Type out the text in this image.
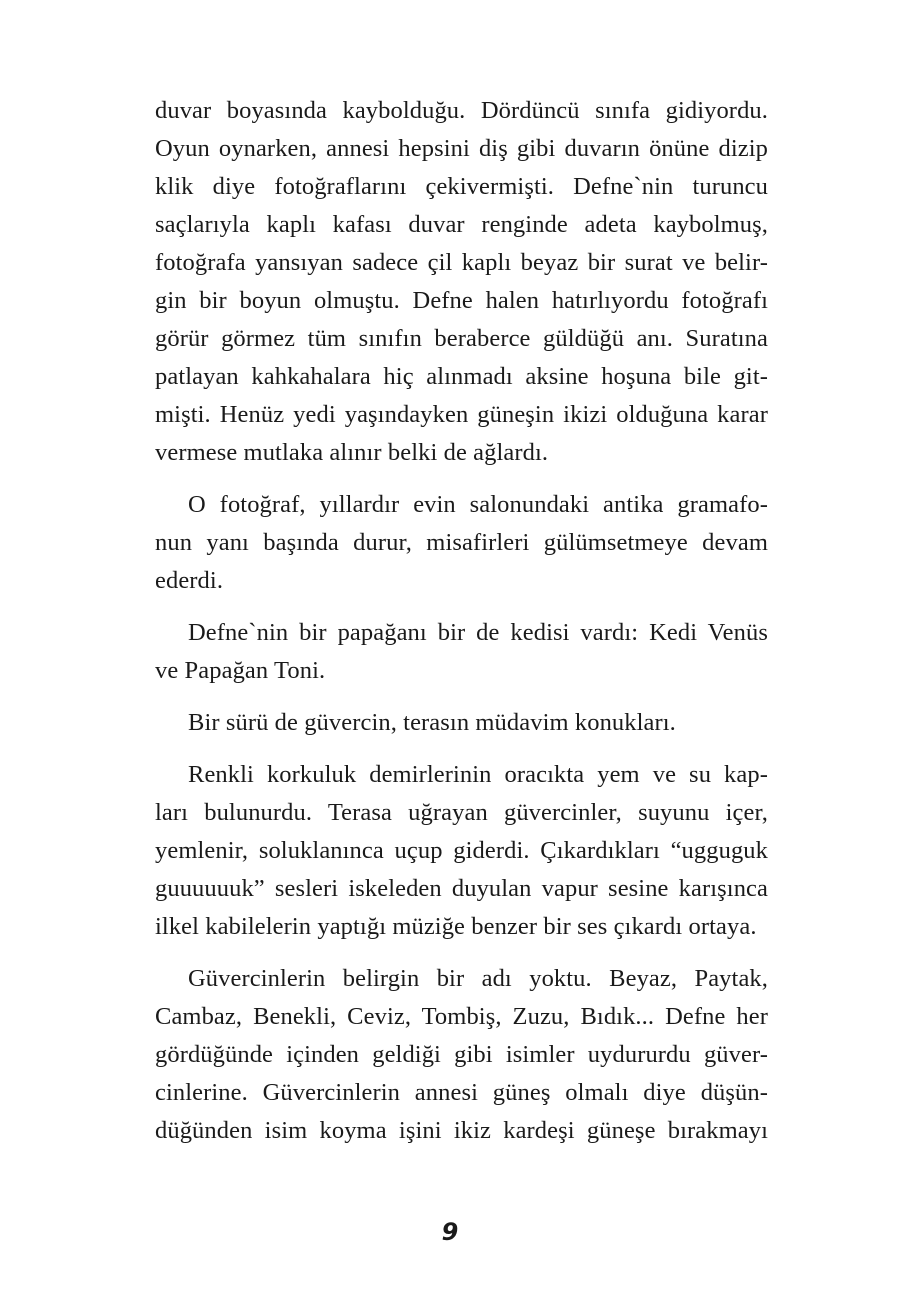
duvar boyasında kaybolduğu. Dördüncü sınıfa gidiyordu.
Oyun oynarken, annesi hepsini diş gibi duvarın önüne dizip
klik diye fotoğraflarını çekivermişti. Defne`nin turuncu
saçlarıyla kaplı kafası duvar renginde adeta kaybolmuş,
fotoğrafa yansıyan sadece çil kaplı beyaz bir surat ve belir-
gin bir boyun olmuştu. Defne halen hatırlıyordu fotoğrafı
görür görmez tüm sınıfın beraberce güldüğü anı. Suratına
patlayan kahkahalara hiç alınmadı aksine hoşuna bile git-
mişti. Henüz yedi yaşındayken güneşin ikizi olduğuna karar
vermese mutlaka alınır belki de ağlardı.
O fotoğraf, yıllardır evin salonundaki antika gramafo-
nun yanı başında durur, misafirleri gülümsetmeye devam
ederdi.
Defne`nin bir papağanı bir de kedisi vardı: Kedi Venüs
ve Papağan Toni.
Bir sürü de güvercin, terasın müdavim konukları.
Renkli korkuluk demirlerinin oracıkta yem ve su kap-
ları bulunurdu. Terasa uğrayan güvercinler, suyunu içer,
yemlenir, soluklanınca uçup giderdi. Çıkardıkları “ugguguk
guuuuuuk” sesleri iskeleden duyulan vapur sesine karışınca
ilkel kabilelerin yaptığı müziğe benzer bir ses çıkardı ortaya.
Güvercinlerin belirgin bir adı yoktu. Beyaz, Paytak,
Cambaz, Benekli, Ceviz, Tombiş, Zuzu, Bıdık... Defne her
gördüğünde içinden geldiği gibi isimler uydururdu güver-
cinlerine. Güvercinlerin annesi güneş olmalı diye düşün-
düğünden isim koyma işini ikiz kardeşi güneşe bırakmayı
9
